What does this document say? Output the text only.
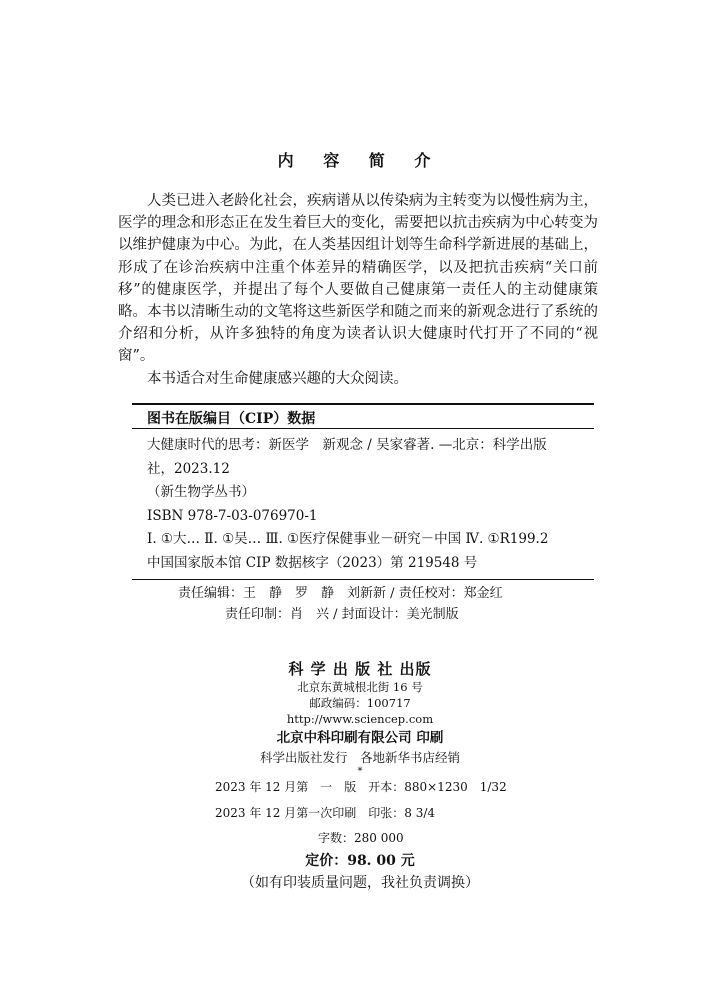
内 容 简 介

人类已进入老龄化社会，疾病谱从以传染病为主转变为以慢性病为主，医学的理念和形态正在发生着巨大的变化，需要把以抗击疾病为中心转变为以维护健康为中心。为此，在人类基因组计划等生命科学新进展的基础上，形成了在诊治疾病中注重个体差异的精确医学，以及把抗击疾病“关口前移”的健康医学，并提出了每个人要做自己健康第一责任人的主动健康策略。本书以清晰生动的文笔将这些新医学和随之而来的新观念进行了系统的介绍和分析，从许多独特的角度为读者认识大健康时代打开了不同的“视窗”。

本书适合对生命健康感兴趣的大众阅读。

图书在版编目（CIP）数据
大健康时代的思考：新医学　新观念 / 吴家睿著. —北京：科学出版
社，2023.12
（新生物学丛书）
ISBN 978-7-03-076970-1
Ⅰ. ①大… Ⅱ. ①吴… Ⅲ. ①医疗保健事业－研究－中国 Ⅳ. ①R199.2
中国国家版本馆 CIP 数据核字（2023）第 219548 号
责任编辑：王　静　罗　静　刘新新 / 责任校对：郑金红
责任印制：肖　兴 / 封面设计：美光制版
科 学 出 版 社 出版
北京东黄城根北街 16 号
邮政编码：100717
http://www.sciencep.com
北京中科印刷有限公司 印刷
科学出版社发行　各地新华书店经销
*
2023 年 12 月第　一　版　开本：880×1230　1/32
2023 年 12 月第一次印刷　印张：8 3/4
字数：280 000
定价：98. 00 元
（如有印装质量问题，我社负责调换）
